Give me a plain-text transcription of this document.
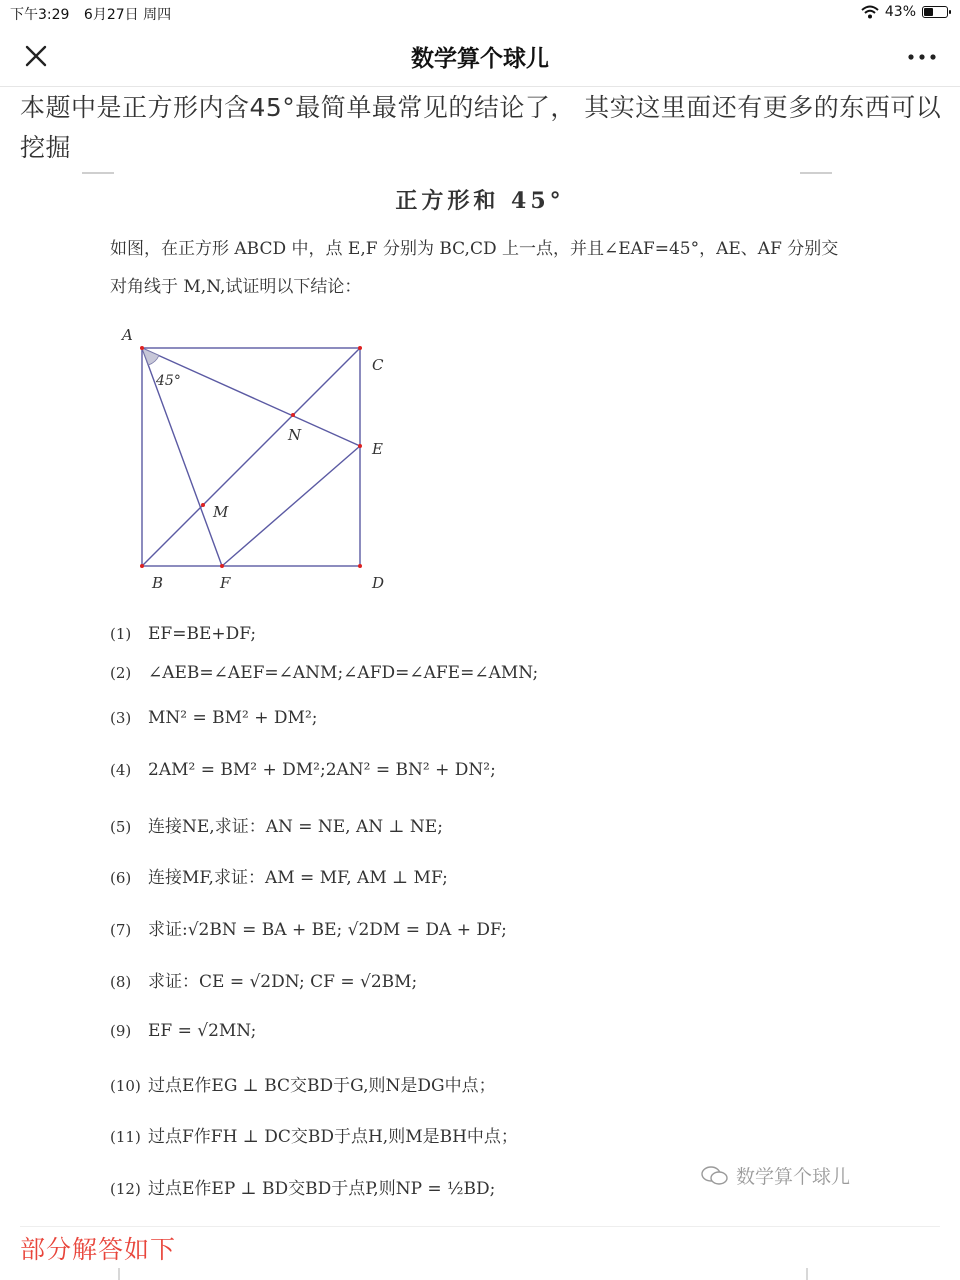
下午3:29 6月27日 周四	43%
数学算个球儿
本题中是正方形内含45°最简单最常见的结论了， 其实这里面还有更多的东西可以挖掘
正方形和 45°
如图，在正方形 ABCD 中，点 E,F 分别为 BC,CD 上一点，并且∠EAF=45°，AE、AF 分别交
对角线于 M,N,试证明以下结论：
A
C
E
B	F	D
N
M
45°
(1) EF=BE+DF;
(2) ∠AEB=∠AEF=∠ANM;∠AFD=∠AFE=∠AMN;
(3) MN² = BM² + DM²;
(4) 2AM² = BM² + DM²;2AN² = BN² + DN²;
(5) 连接NE,求证：AN = NE, AN ⊥ NE;
(6) 连接MF,求证：AM = MF, AM ⊥ MF;
(7) 求证:√2BN = BA + BE; √2DM = DA + DF;
(8) 求证：CE = √2DN; CF = √2BM;
(9) EF = √2MN;
(10) 过点E作EG ⊥ BC交BD于G,则N是DG中点；
(11) 过点F作FH ⊥ DC交BD于点H,则M是BH中点；
(12) 过点E作EP ⊥ BD交BD于点P,则NP = ½BD;
数学算个球儿
部分解答如下
